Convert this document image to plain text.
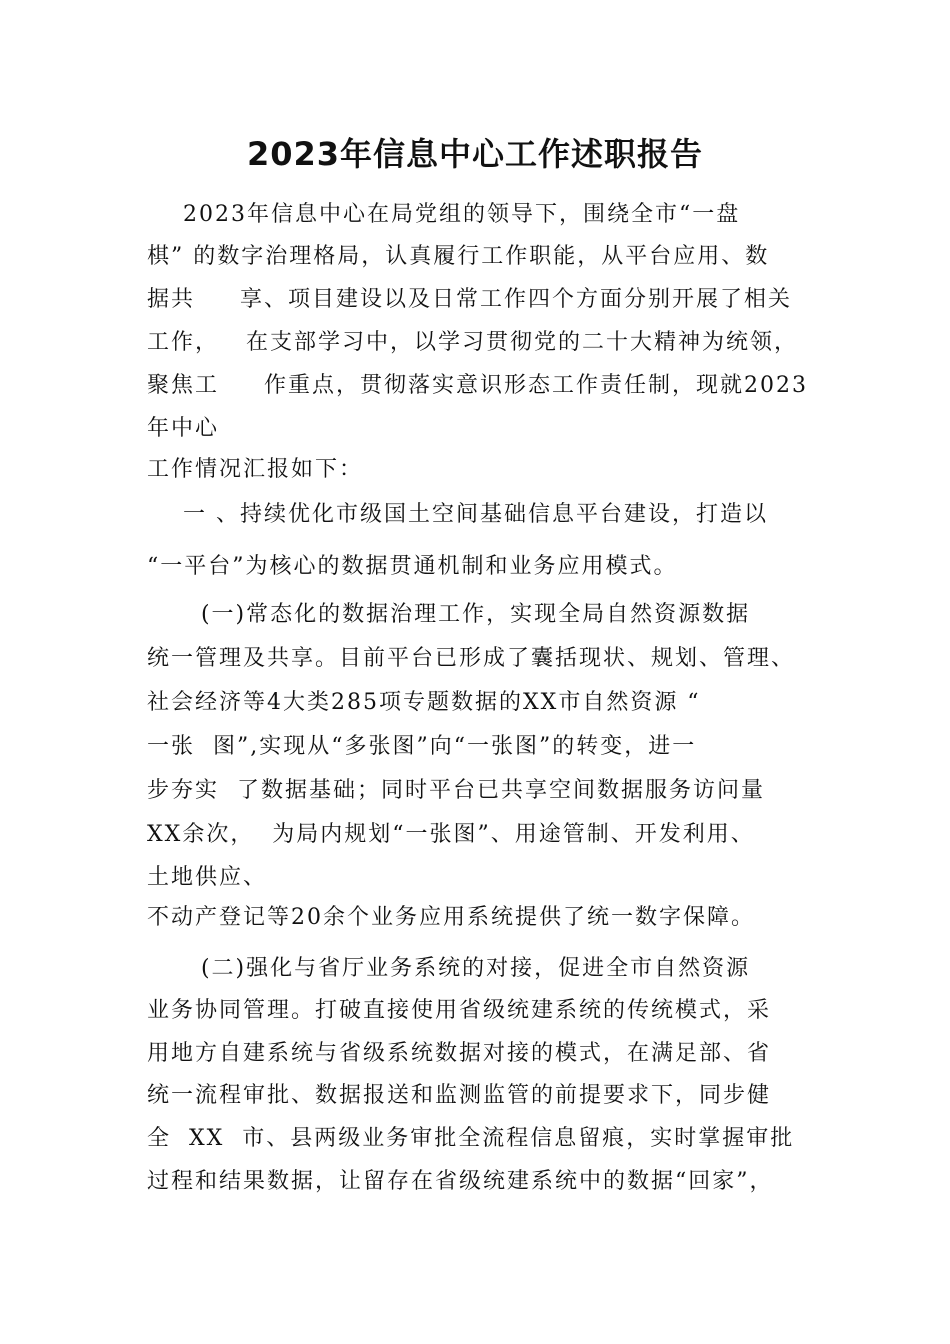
2023年信息中心工作述职报告
2023年信息中心在局党组的领导下，围绕全市“一盘
棋” 的数字治理格局，认真履行工作职能，从平台应用、数
据共     享、项目建设以及日常工作四个方面分别开展了相关
工作，   在支部学习中，以学习贯彻党的二十大精神为统领，
聚焦工     作重点，贯彻落实意识形态工作责任制，现就2023
年中心
工作情况汇报如下：
一 、持续优化市级国土空间基础信息平台建设，打造以
“一平台”为核心的数据贯通机制和业务应用模式。
(一)常态化的数据治理工作，实现全局自然资源数据
统一管理及共享。目前平台已形成了囊括现状、规划、管理、
社会经济等4大类285项专题数据的XX市自然资源 “
一张  图”,实现从“多张图”向“一张图”的转变，进一
步夯实  了数据基础；同时平台已共享空间数据服务访问量
XX余次，  为局内规划“一张图”、用途管制、开发利用、
土地供应、
不动产登记等20余个业务应用系统提供了统一数字保障。
(二)强化与省厅业务系统的对接，促进全市自然资源
业务协同管理。打破直接使用省级统建系统的传统模式，采
用地方自建系统与省级系统数据对接的模式，在满足部、省
统一流程审批、数据报送和监测监管的前提要求下，同步健
全  XX  市、县两级业务审批全流程信息留痕，实时掌握审批
过程和结果数据，让留存在省级统建系统中的数据“回家”，
